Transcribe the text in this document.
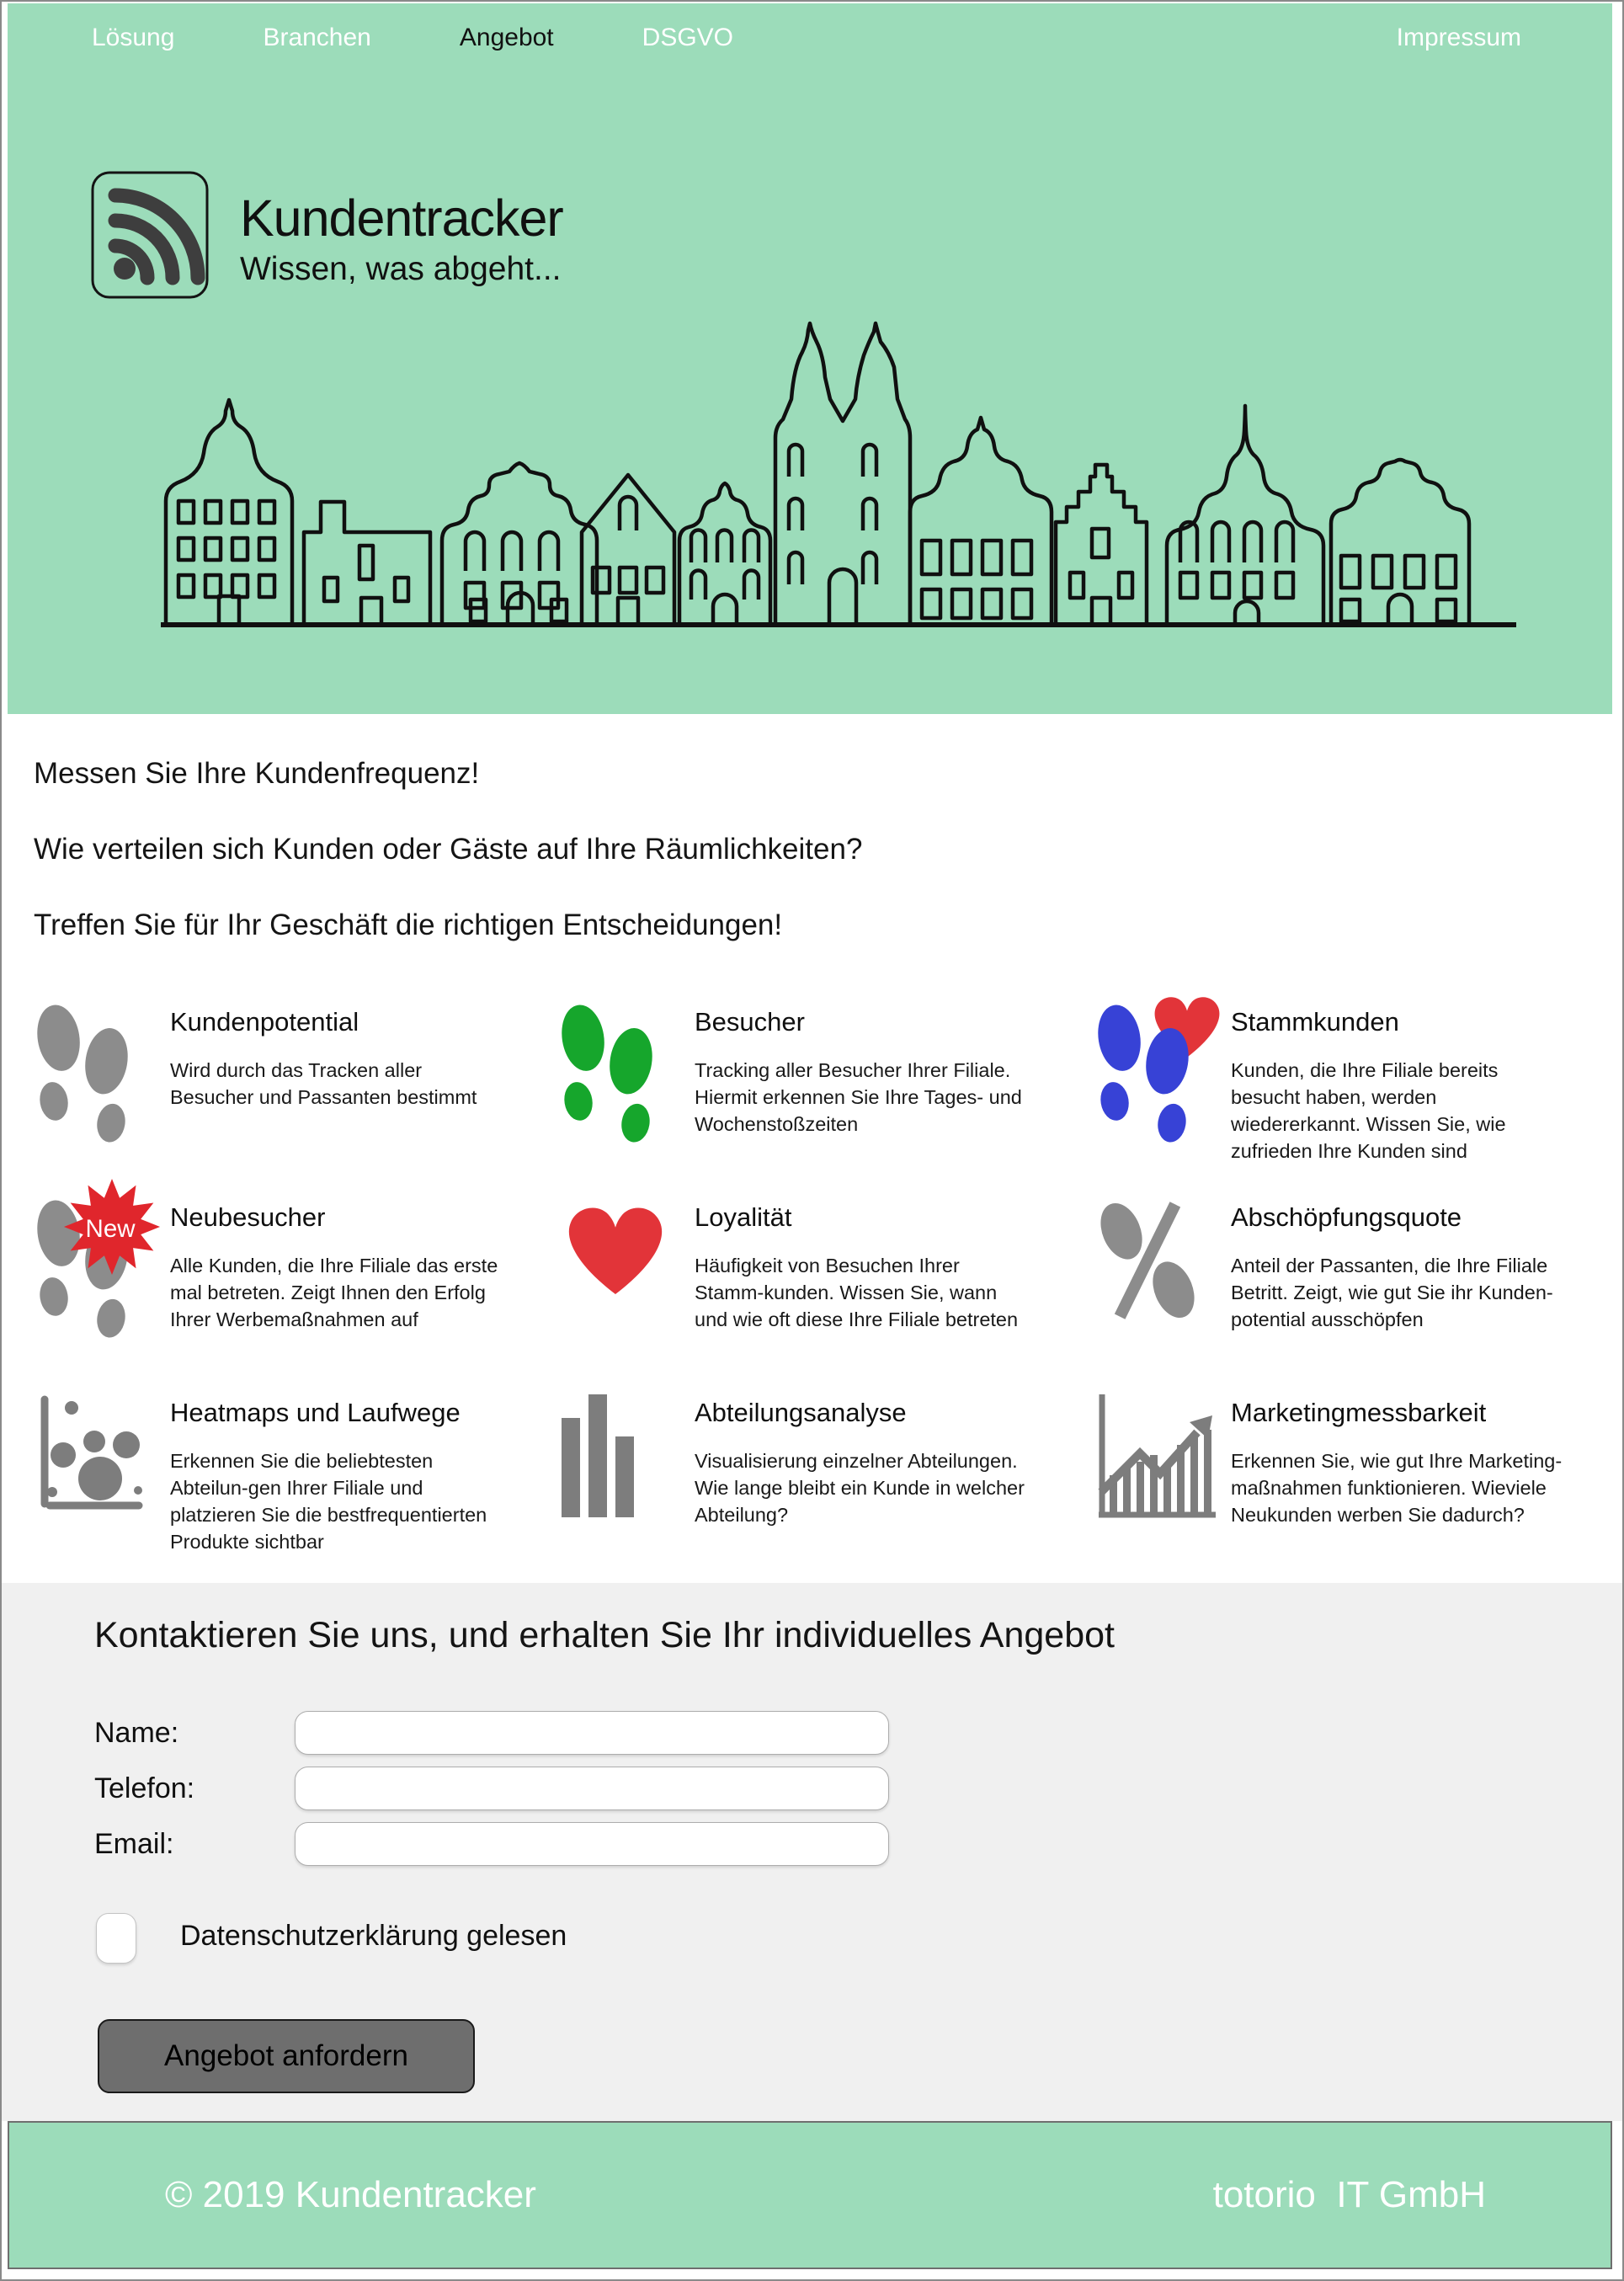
Lösung	Branchen	Angebot	DSGVO	Impressum
Kundentracker
Wissen, was abgeht...

Messen Sie Ihre Kundenfrequenz!

Wie verteilen sich Kunden oder Gäste auf Ihre Räumlichkeiten?

Treffen Sie für Ihr Geschäft die richtigen Entscheidungen!

Kundenpotential

Wird durch das Tracken aller Besucher und Passanten bestimmt

Besucher

Tracking aller Besucher Ihrer Filiale. Hiermit erkennen Sie Ihre Tages- und Wochenstoßzeiten

Stammkunden

Kunden, die Ihre Filiale bereits besucht haben, werden wiedererkannt. Wissen Sie, wie zufrieden Ihre Kunden sind

New Neubesucher

Alle Kunden, die Ihre Filiale das erste mal betreten. Zeigt Ihnen den Erfolg Ihrer Werbemaßnahmen auf

Loyalität

Häufigkeit von Besuchen Ihrer Stamm-kunden. Wissen Sie, wann und wie oft diese Ihre Filiale betreten

Abschöpfungsquote

Anteil der Passanten, die Ihre Filiale Betritt. Zeigt, wie gut Sie ihr Kunden-potential ausschöpfen

Heatmaps und Laufwege

Erkennen Sie die beliebtesten Abteilun-gen Ihrer Filiale und platzieren Sie die bestfrequentierten Produkte sichtbar

Abteilungsanalyse

Visualisierung einzelner Abteilungen. Wie lange bleibt ein Kunde in welcher Abteilung?

Marketingmessbarkeit

Erkennen Sie, wie gut Ihre Marketing-maßnahmen funktionieren. Wieviele Neukunden werben Sie dadurch?

Kontaktieren Sie uns, und erhalten Sie Ihr individuelles Angebot
Name:
Telefon:
Email:
Datenschutzerklärung gelesen
Angebot anfordern
© 2019 Kundentracker	totorio  IT GmbH
